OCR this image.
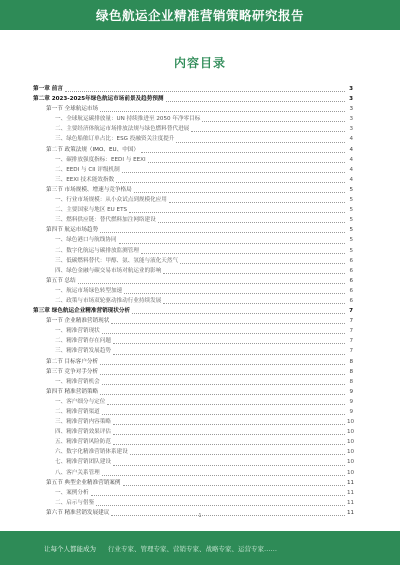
绿色航运企业精准营销策略研究报告
内容目录
第一章 前言	3
第二章 2023-2025年绿色航运市场前景及趋势预测	3
第一节 全球航运市场	3
一、全球航运碳排放量：UN 持续推进至 2050 年净零目标	3
二、主要经济体航运市场排放法规与绿色燃料替代进展	3
三、绿色船舶订单占比：ESG 投融资关注度提升	4
第二节 政策法规（IMO、EU、中国）	4
一、碳排放强度指标：EEDI 与 EEXI	4
二、EEDI 与 CII 评级机制	4
三、EEXI 技术能效指数	4
第三节 市场规模、增速与竞争格局	5
一、行业市场规模：从小众试点到规模化应用	5
二、主要国家与地区 EU ETS	5
三、燃料供应链：替代燃料加注网络建设	5
第四节 航运市场趋势	5
一、绿色港口与航线协同	5
二、数字化航运与碳排放监测管理	5
三、低碳燃料替代：甲醇、氨、氢能与液化天然气	6
四、绿色金融与碳交易市场对航运业的影响	6
第五节 总结	6
一、航运市场绿色转型加速	6
二、政策与市场双轮驱动推动行业持续发展	6
第三章 绿色航运企业精准营销现状分析	7
第一节 企业精准营销现状	7
一、精准营销现状	7
二、精准营销存在问题	7
三、精准营销发展趋势	7
第二节 目标客户分析	8
第三节 竞争对手分析	8
一、精准营销机会	8
第四节 精准营销策略	9
一、客户细分与定位	9
二、精准营销渠道	9
三、精准营销内容策略	10
四、精准营销效果评估	10
五、精准营销风险防范	10
六、数字化精准营销体系建设	10
七、精准营销团队建设	10
八、客户关系管理	10
第五节 典型企业精准营销案例	11
一、案例分析	11
二、启示与借鉴	11
第六节 精准营销发展建议	11
1
让每个人都能成为 行业专家、管理专家、营销专家、战略专家、运营专家……
